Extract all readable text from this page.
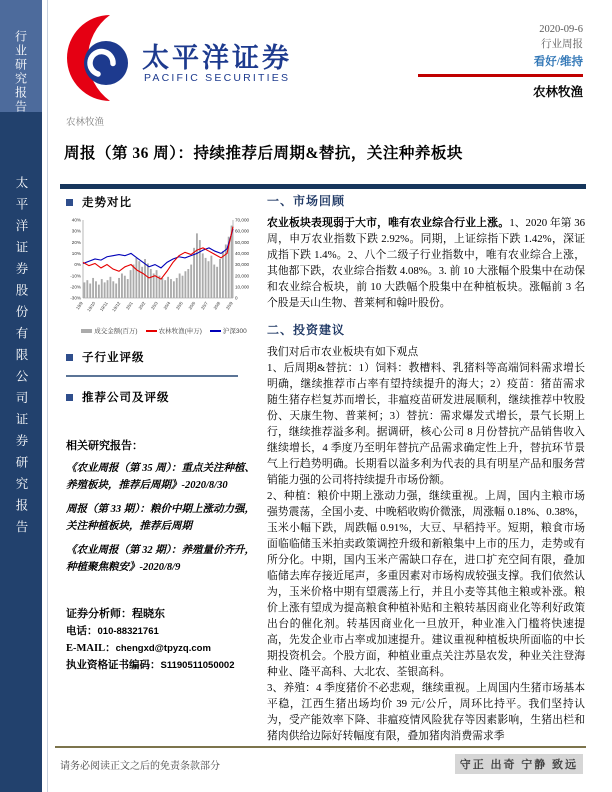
行业研究报告
太平洋证券股份有限公司证券研究报告
太平洋证券
PACIFIC SECURITIES
2020-09-6
行业周报
看好/维持
农林牧渔
农林牧渔
周报（第 36 周）：持续推荐后周期&替抗，关注种养板块
走势对比
40%
30%
20%
10%
0%
-10%
-20%
-30%
70,000
60,000
50,000
40,000
30,000
20,000
10,000
0
19/9 19/10 19/11 19/12 20/1 20/2 20/3 20/4 20/5 20/6 20/7 20/8 20/9
成交金额(百万)	农林牧渔(申万)	沪深300
子行业评级
推荐公司及评级
相关研究报告：
《农业周报（第 35 周）：重点关注种植、养殖板块，推荐后周期》-2020/8/30
周报（第 33 期）：粮价中期上涨动力强，关注种植板块，推荐后周期
《农业周报（第 32 期）：养殖量价齐升，种植聚焦粮安》-2020/8/9
证券分析师：程晓东
电话：010-88321761
E-MAIL：chengxd@tpyzq.com
执业资格证书编码：S1190511050002
一、市场回顾

农业板块表现弱于大市，唯有农业综合行业上涨。1、2020 年第 36 周，申万农业指数下跌 2.92%。同期，上证综指下跌 1.42%，深证成指下跌 1.4%。2、八个二级子行业指数中，唯有农业综合上涨，其他都下跌，农业综合指数 4.08%。3. 前 10 大涨幅个股集中在动保和农业综合板块，前 10 大跌幅个股集中在种植板块。涨幅前 3 名个股是天山生物、普莱柯和翰叶股份。

二、投资建议

我们对后市农业板块有如下观点

1、后周期&替抗：1）饲料：教槽料、乳猪料等高端饲料需求增长明确，继续推荐市占率有望持续提升的海大；2）疫苗：猪苗需求随生猪存栏复苏而增长，非瘟疫苗研发进展顺利，继续推荐中牧股份、天康生物、普莱柯；3）替抗：需求爆发式增长，景气长期上行，继续推荐溢多利。据调研，核心公司 8 月份替抗产品销售收入继续增长，4 季度乃至明年替抗产品需求确定性上升，替抗环节景气上行趋势明确。长期看以溢多利为代表的具有明星产品和服务营销能力强的公司将持续提升市场份额。

2、种植：粮价中期上涨动力强，继续重视。上周，国内主粮市场强势震荡，全国小麦、中晚稻收购价微涨，周涨幅 0.18%、0.38%，玉米小幅下跌，周跌幅 0.91%，大豆、早稻持平。短期，粮食市场面临临储玉米拍卖政策调控升级和新粮集中上市的压力，走势或有所分化。中期，国内玉米产需缺口存在，进口扩充空间有限，叠加临储去库存接近尾声，多重因素对市场构成较强支撑。我们依然认为，玉米价格中期有望震荡上行，并且小麦等其他主粮或补涨。粮价上涨有望成为提高粮食种植补贴和主粮转基因商业化等利好政策出台的催化剂。转基因商业化一旦放开，种业准入门槛将快速提高，先发企业市占率或加速提升。建议重视种植板块所面临的中长期投资机会。个股方面，种植业重点关注苏垦农发，种业关注登海种业、隆平高科、大北农、荃银高科。

3、养殖：4 季度猪价不必悲观，继续重视。上周国内生猪市场基本平稳，江西生猪出场均价 39 元/公斤，周环比持平。我们坚持认为，受产能效率下降、非瘟疫情风险犹存等因素影响，生猪出栏和猪肉供给边际好转幅度有限，叠加猪肉消费需求季

请务必阅读正文之后的免责条款部分	守正 出奇 宁静 致远
